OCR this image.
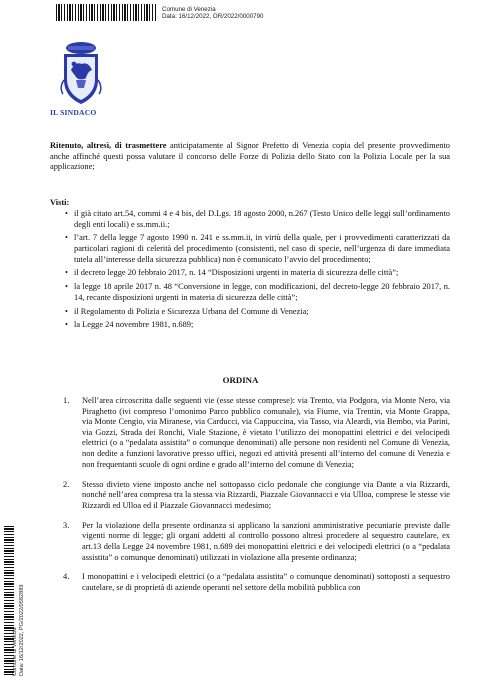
Comune di Venezia
Data: 16/12/2022, OR/2022/0000790
IL SINDACO
Comune di Venezia Data: 16/12/2022, PG/2022/0582889
Ritenuto, altresì, di trasmettere anticipatamente al Signor Prefetto di Venezia copia del presente provvedimento anche affinché questi possa valutare il concorso delle Forze di Polizia dello Stato con la Polizia Locale per la sua applicazione;
Visti:
• il già citato art.54, commi 4 e 4 bis, del D.Lgs. 18 agosto 2000, n.267 (Testo Unico delle leggi sull’ordinamento degli enti locali) e ss.mm.ii.;
• l’art. 7 della legge 7 agosto 1990 n. 241 e ss.mm.ii, in virtù della quale, per i provvedimenti caratterizzati da particolari ragioni di celerità del procedimento (consistenti, nel caso di specie, nell’urgenza di dare immediata tutela all’interesse della sicurezza pubblica) non è comunicato l’avvio del procedimento;
• il decreto legge 20 febbraio 2017, n. 14 “Disposizioni urgenti in materia di sicurezza delle città”;
• la legge 18 aprile 2017 n. 48 “Conversione in legge, con modificazioni, del decreto-legge 20 febbraio 2017, n. 14, recante disposizioni urgenti in materia di sicurezza delle città”;
• il Regolamento di Polizia e Sicurezza Urbana del Comune di Venezia;
• la Legge 24 novembre 1981, n.689;
ORDINA
1. Nell’area circoscritta dalle seguenti vie (esse stesse comprese): via Trento, via Podgora, via Monte Nero, via Piraghetto (ivi compreso l’omonimo Parco pubblico comunale), via Fiume, via Trentin, via Monte Grappa, via Monte Cengio, via Miranese, via Carducci, via Cappuccina, via Tasso, via Aleardi, via Bembo, via Parini, via Gozzi, Strada dei Ronchi, Viale Stazione, è vietato l’utilizzo dei monopattini elettrici e dei velocipedi elettrici (o a “pedalata assistita” o comunque denominati) alle persone non residenti nel Comune di Venezia, non dedite a funzioni lavorative presso uffici, negozi ed attività presenti all’interno del comune di Venezia e non frequentanti scuole di ogni ordine e grado all’interno del comune di Venezia;
2. Stesso divieto viene imposto anche nel sottopasso ciclo pedonale che congiunge via Dante a via Rizzardi, nonché nell’area compresa tra la stessa via Rizzardi, Piazzale Giovannacci e via Ulloa, comprese le stesse vie Rizzardi ed Ulloa ed il Piazzale Giovannacci medesimo;
3. Per la violazione della presente ordinanza si applicano la sanzioni amministrative pecuniarie previste dalle vigenti norme di legge; gli organi addetti al controllo possono altresì procedere al sequestro cautelare, ex art.13 della Legge 24 novembre 1981, n.689 dei monopattini elettrici e dei velocipedi elettrici (o a “pedalata assistita” o comunque denominati) utilizzati in violazione alla presente ordinanza;
4. I monopattini e i velocipedi elettrici (o a “pedalata assistita” o comunque denominati) sottoposti a sequestro cautelare, se di proprietà di aziende operanti nel settore della mobilità pubblica con
